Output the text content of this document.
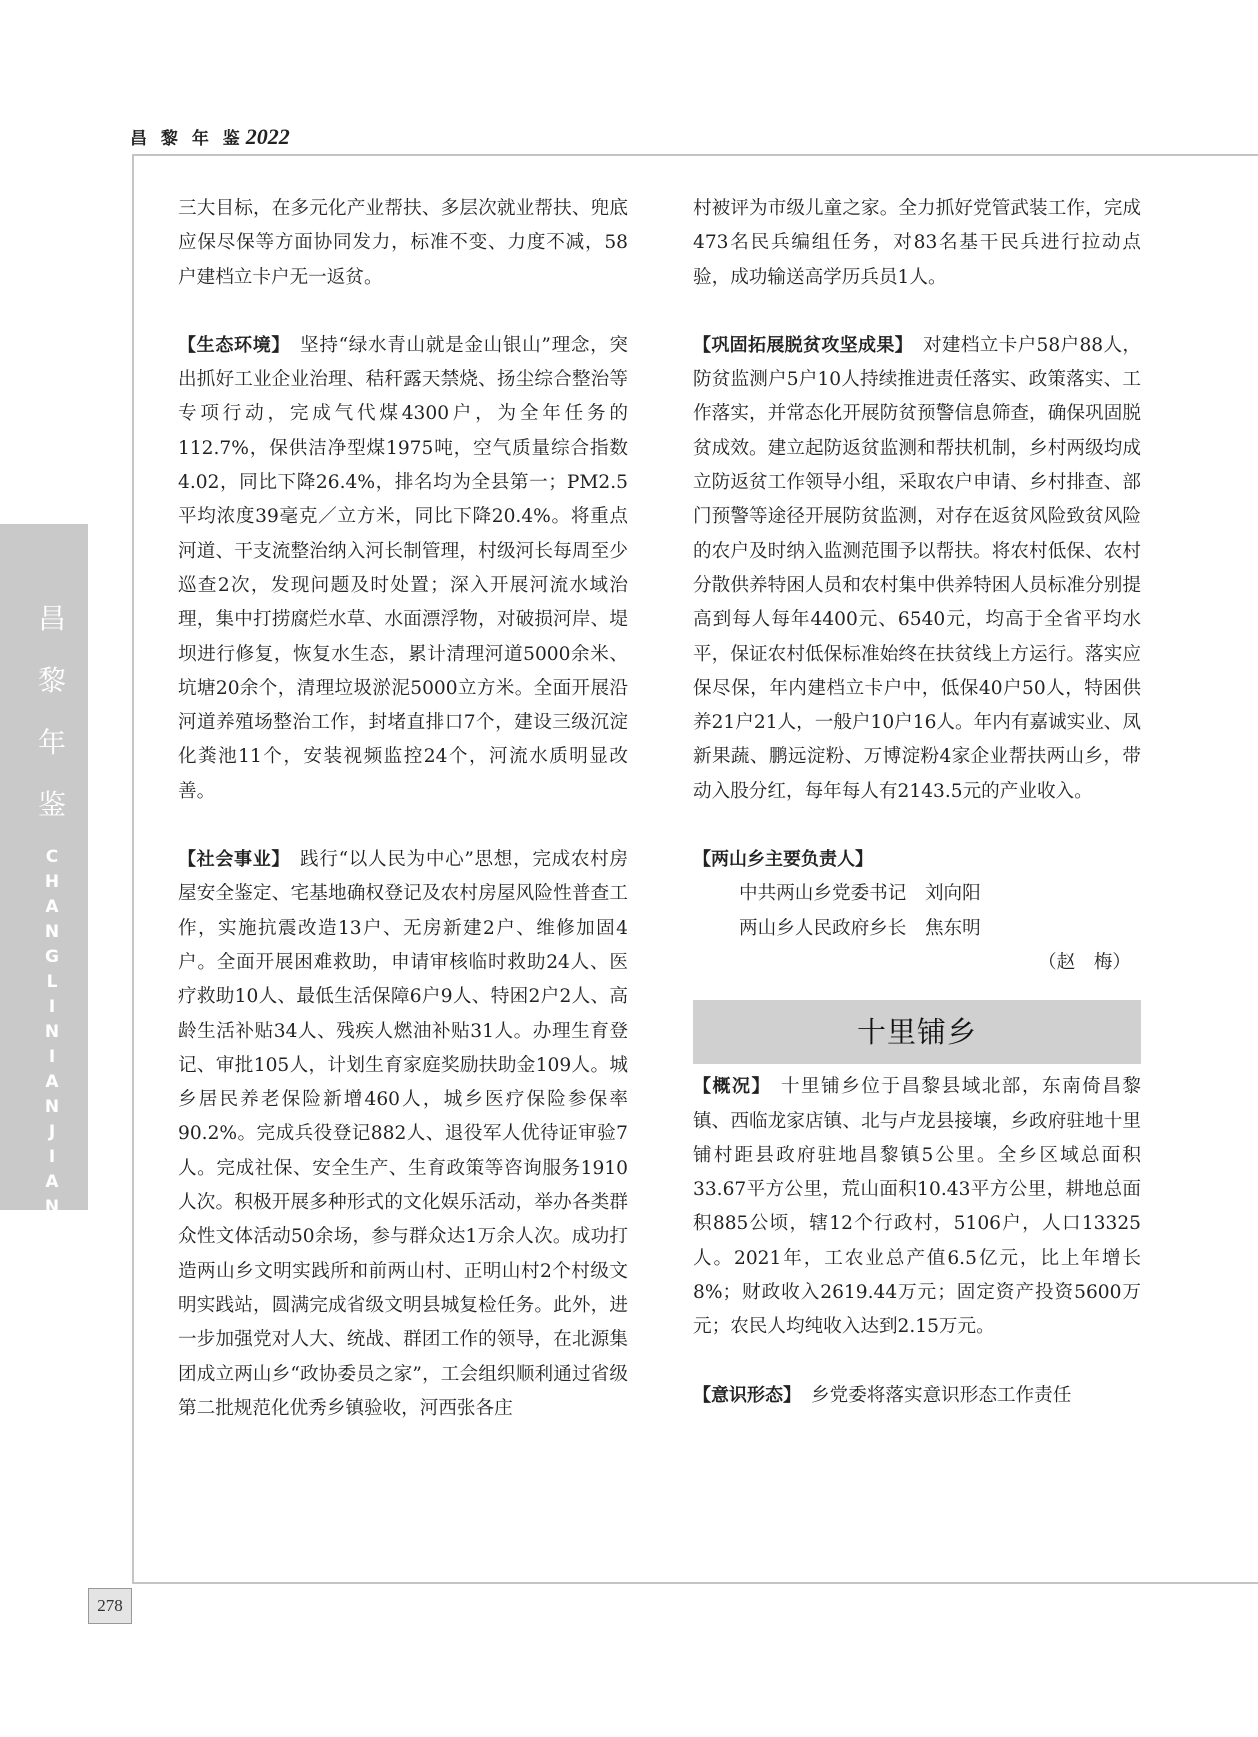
昌 黎 年 鉴 2022
昌
黎
年
鉴
C
H
A
N
G
L
I
N
I
A
N
J
I
A
N
278

三大目标，在多元化产业帮扶、多层次就业帮扶、兜底应保尽保等方面协同发力，标准不变、力度不减，58户建档立卡户无一返贫。

【生态环境】 坚持“绿水青山就是金山银山”理念，突出抓好工业企业治理、秸秆露天禁烧、扬尘综合整治等专项行动，完成气代煤4300户，为全年任务的112.7%，保供洁净型煤1975吨，空气质量综合指数4.02，同比下降26.4%，排名均为全县第一；PM2.5平均浓度39毫克／立方米，同比下降20.4%。将重点河道、干支流整治纳入河长制管理，村级河长每周至少巡查2次，发现问题及时处置；深入开展河流水域治理，集中打捞腐烂水草、水面漂浮物，对破损河岸、堤坝进行修复，恢复水生态，累计清理河道5000余米、坑塘20余个，清理垃圾淤泥5000立方米。全面开展沿河道养殖场整治工作，封堵直排口7个，建设三级沉淀化粪池11个，安装视频监控24个，河流水质明显改善。

【社会事业】 践行“以人民为中心”思想，完成农村房屋安全鉴定、宅基地确权登记及农村房屋风险性普查工作，实施抗震改造13户、无房新建2户、维修加固4户。全面开展困难救助，申请审核临时救助24人、医疗救助10人、最低生活保障6户9人、特困2户2人、高龄生活补贴34人、残疾人燃油补贴31人。办理生育登记、审批105人，计划生育家庭奖励扶助金109人。城乡居民养老保险新增460人，城乡医疗保险参保率90.2%。完成兵役登记882人、退役军人优待证审验7人。完成社保、安全生产、生育政策等咨询服务1910人次。积极开展多种形式的文化娱乐活动，举办各类群众性文体活动50余场，参与群众达1万余人次。成功打造两山乡文明实践所和前两山村、正明山村2个村级文明实践站，圆满完成省级文明县城复检任务。此外，进一步加强党对人大、统战、群团工作的领导，在北源集团成立两山乡“政协委员之家”，工会组织顺利通过省级第二批规范化优秀乡镇验收，河西张各庄

村被评为市级儿童之家。全力抓好党管武装工作，完成473名民兵编组任务，对83名基干民兵进行拉动点验，成功输送高学历兵员1人。

【巩固拓展脱贫攻坚成果】 对建档立卡户58户88人，防贫监测户5户10人持续推进责任落实、政策落实、工作落实，并常态化开展防贫预警信息筛查，确保巩固脱贫成效。建立起防返贫监测和帮扶机制，乡村两级均成立防返贫工作领导小组，采取农户申请、乡村排查、部门预警等途径开展防贫监测，对存在返贫风险致贫风险的农户及时纳入监测范围予以帮扶。将农村低保、农村分散供养特困人员和农村集中供养特困人员标准分别提高到每人每年4400元、6540元，均高于全省平均水平，保证农村低保标准始终在扶贫线上方运行。落实应保尽保，年内建档立卡户中，低保40户50人，特困供养21户21人，一般户10户16人。年内有嘉诚实业、凤新果蔬、鹏远淀粉、万博淀粉4家企业帮扶两山乡，带动入股分红，每年每人有2143.5元的产业收入。

【两山乡主要负责人】
中共两山乡党委书记　刘向阳
两山乡人民政府乡长　焦东明
（赵　梅）
十里铺乡

【概况】 十里铺乡位于昌黎县域北部，东南倚昌黎镇、西临龙家店镇、北与卢龙县接壤，乡政府驻地十里铺村距县政府驻地昌黎镇5公里。全乡区域总面积33.67平方公里，荒山面积10.43平方公里，耕地总面积885公顷，辖12个行政村，5106户，人口13325人。2021年，工农业总产值6.5亿元，比上年增长8%；财政收入2619.44万元；固定资产投资5600万元；农民人均纯收入达到2.15万元。

【意识形态】 乡党委将落实意识形态工作责任
